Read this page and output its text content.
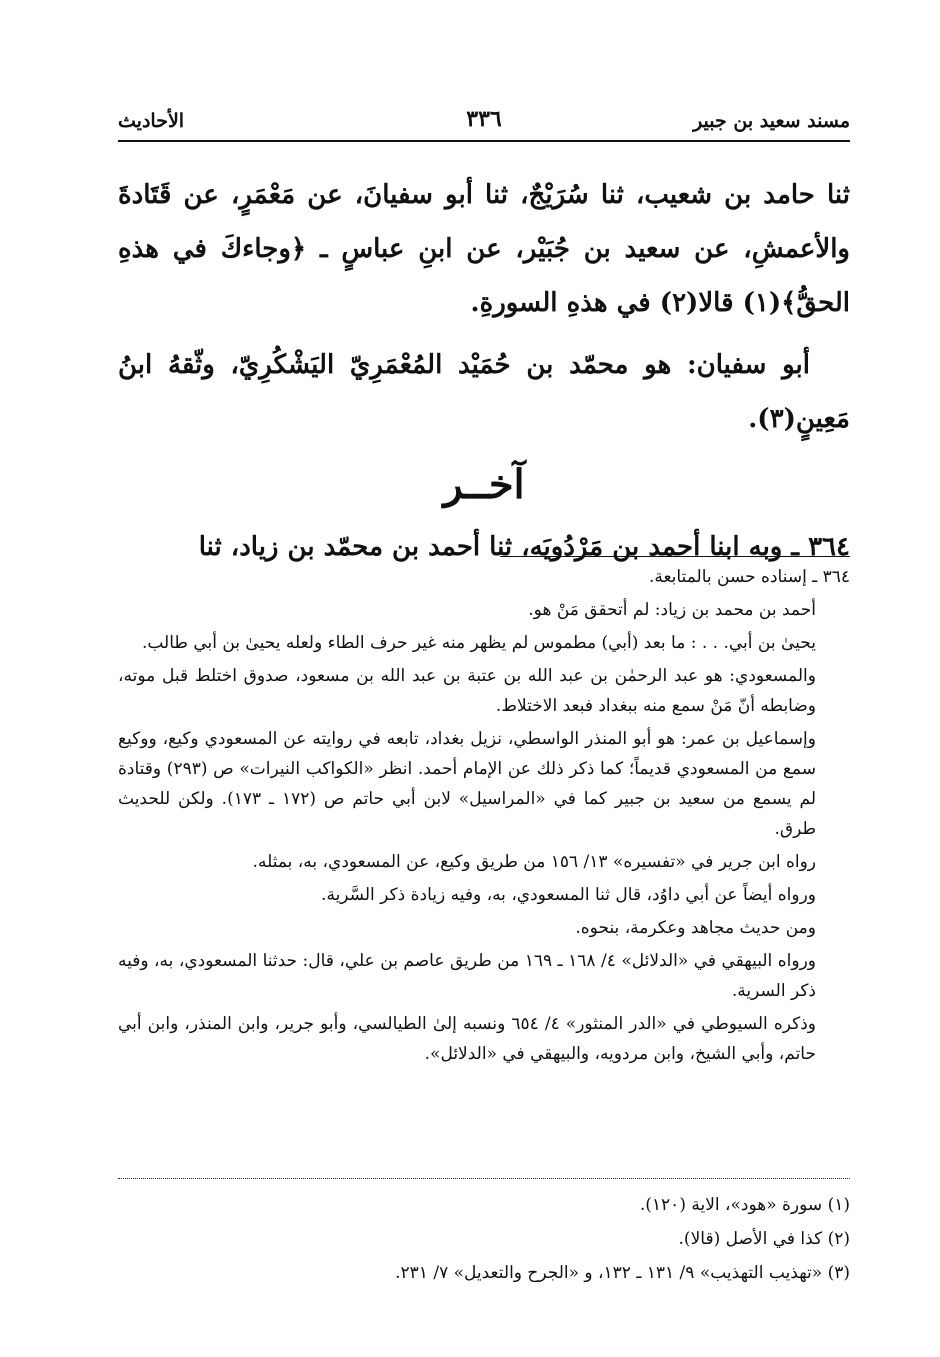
مسند سعيد بن جبير
٣٣٦
الأحاديث

ثنا حامد بن شعيب، ثنا سُرَيْجٌ، ثنا أبو سفيانَ، عن مَعْمَرٍ، عن قَتَادةَ والأعمشِ، عن سعيد بن جُبَيْر، عن ابنِ عباسٍ ـ ﴿وجاءكَ في هذهِ الحقُّ﴾(١) قالا(٢) في هذهِ السورةِ.

أبو سفيان: هو محمّد بن حُمَيْد المُعْمَرِيّ اليَشْكُرِيّ، وثّقهُ ابنُ مَعِينٍ(٣).

آخــر

٣٦٤ ـ وبه ابنا أحمد بن مَرْدُويَه، ثنا أحمد بن محمّد بن زياد، ثنا

٣٦٤ ـ إسناده حسن بالمتابعة.

أحمد بن محمد بن زياد: لم أتحقق مَنْ هو.

يحيىٰ بن أبي. . . : ما بعد (أبي) مطموس لم يظهر منه غير حرف الطاء ولعله يحيىٰ بن أبي طالب.

والمسعودي: هو عبد الرحمٰن بن عبد الله بن عتبة بن عبد الله بن مسعود، صدوق اختلط قبل موته، وضابطه أنّ مَنْ سمع منه ببغداد فبعد الاختلاط.

وإسماعيل بن عمر: هو أبو المنذر الواسطي، نزيل بغداد، تابعه في روايته عن المسعودي وكيع، ووكيع سمع من المسعودي قديماً؛ كما ذكر ذلك عن الإمام أحمد. انظر «الكواكب النيرات» ص (٢٩٣) وقتادة لم يسمع من سعيد بن جبير كما في «المراسيل» لابن أبي حاتم ص (١٧٢ ـ ١٧٣). ولكن للحديث طرق.

رواه ابن جرير في «تفسيره» ١٣/ ١٥٦ من طريق وكيع، عن المسعودي، به، بمثله.

ورواه أيضاً عن أبي داوُد، قال ثنا المسعودي، به، وفيه زيادة ذكر السَّرية.

ومن حديث مجاهد وعكرمة، بنحوه.

ورواه البيهقي في «الدلائل» ٤/ ١٦٨ ـ ١٦٩ من طريق عاصم بن علي، قال: حدثنا المسعودي، به، وفيه ذكر السرية.

وذكره السيوطي في «الدر المنثور» ٤/ ٦٥٤ ونسبه إلىٰ الطيالسي، وأبو جرير، وابن المنذر، وابن أبي حاتم، وأبي الشيخ، وابن مردويه، والبيهقي في «الدلائل».

(١) سورة «هود»، الاية (١٢٠).

(٢) كذا في الأصل (قالا).

(٣) «تهذيب التهذيب» ٩/ ١٣١ ـ ١٣٢، و «الجرح والتعديل» ٧/ ٢٣١.
